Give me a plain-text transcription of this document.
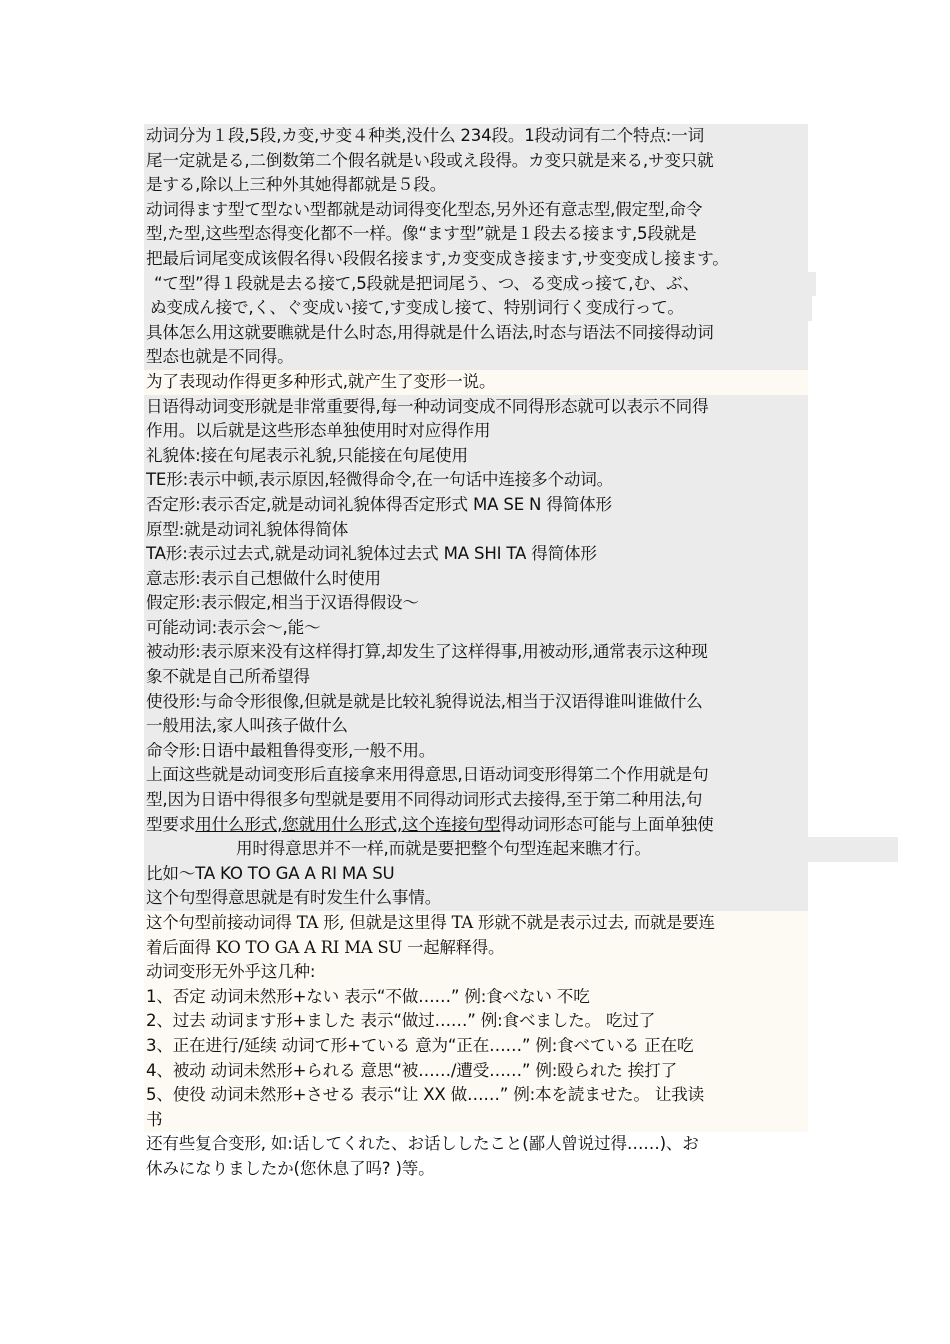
动词分为１段,5段,カ变,サ变４种类,没什么 234段。1段动词有二个特点:一词
尾一定就是る,二倒数第二个假名就是い段或え段得。カ变只就是来る,サ变只就
是する,除以上三种外其她得都就是５段。
动词得ます型て型ない型都就是动词得变化型态,另外还有意志型,假定型,命令
型,た型,这些型态得变化都不一样。像“ます型”就是１段去る接ます,5段就是
把最后词尾变成该假名得い段假名接ます,カ变变成き接ます,サ变变成し接ます。
“て型”得１段就是去る接て,5段就是把词尾う、つ、る变成っ接て,む、ぶ、
ぬ变成ん接で,く、ぐ变成い接て,す变成し接て、特别词行く变成行って。
具体怎么用这就要瞧就是什么时态,用得就是什么语法,时态与语法不同接得动词
型态也就是不同得。
为了表现动作得更多种形式,就产生了变形一说。
日语得动词变形就是非常重要得,每一种动词变成不同得形态就可以表示不同得
作用。以后就是这些形态单独使用时对应得作用
礼貌体:接在句尾表示礼貌,只能接在句尾使用
TE形:表示中顿,表示原因,轻微得命令,在一句话中连接多个动词。
否定形:表示否定,就是动词礼貌体得否定形式 MA SE N 得简体形
原型:就是动词礼貌体得简体
TA形:表示过去式,就是动词礼貌体过去式 MA SHI TA 得简体形
意志形:表示自己想做什么时使用
假定形:表示假定,相当于汉语得假设～
可能动词:表示会～,能～
被动形:表示原来没有这样得打算,却发生了这样得事,用被动形,通常表示这种现
象不就是自己所希望得
使役形:与命令形很像,但就是就是比较礼貌得说法,相当于汉语得谁叫谁做什么
一般用法,家人叫孩子做什么
命令形:日语中最粗鲁得变形,一般不用。
上面这些就是动词变形后直接拿来用得意思,日语动词变形得第二个作用就是句
型,因为日语中得很多句型就是要用不同得动词形式去接得,至于第二种用法,句
型要求用什么形式,您就用什么形式,这个连接句型得动词形态可能与上面单独使
用时得意思并不一样,而就是要把整个句型连起来瞧才行。
比如～TA KO TO GA A RI MA SU
这个句型得意思就是有时发生什么事情。
这个句型前接动词得 TA 形, 但就是这里得 TA 形就不就是表示过去, 而就是要连
着后面得 KO TO GA A RI MA SU 一起解释得。
动词变形无外乎这几种:
1、否定 动词未然形+ない 表示“不做……” 例:食べない 不吃
2、过去 动词ます形+ました 表示“做过……” 例:食べました。 吃过了
3、正在进行/延续 动词て形+ている 意为“正在……” 例:食べている 正在吃
4、被动 动词未然形+られる 意思“被……/遭受……” 例:殴られた 挨打了
5、使役 动词未然形+させる 表示“让 XX 做……” 例:本を読ませた。 让我读
书
还有些复合变形, 如:话してくれた、お话ししたこと(鄙人曾说过得……)、お
休みになりましたか(您休息了吗? )等。
